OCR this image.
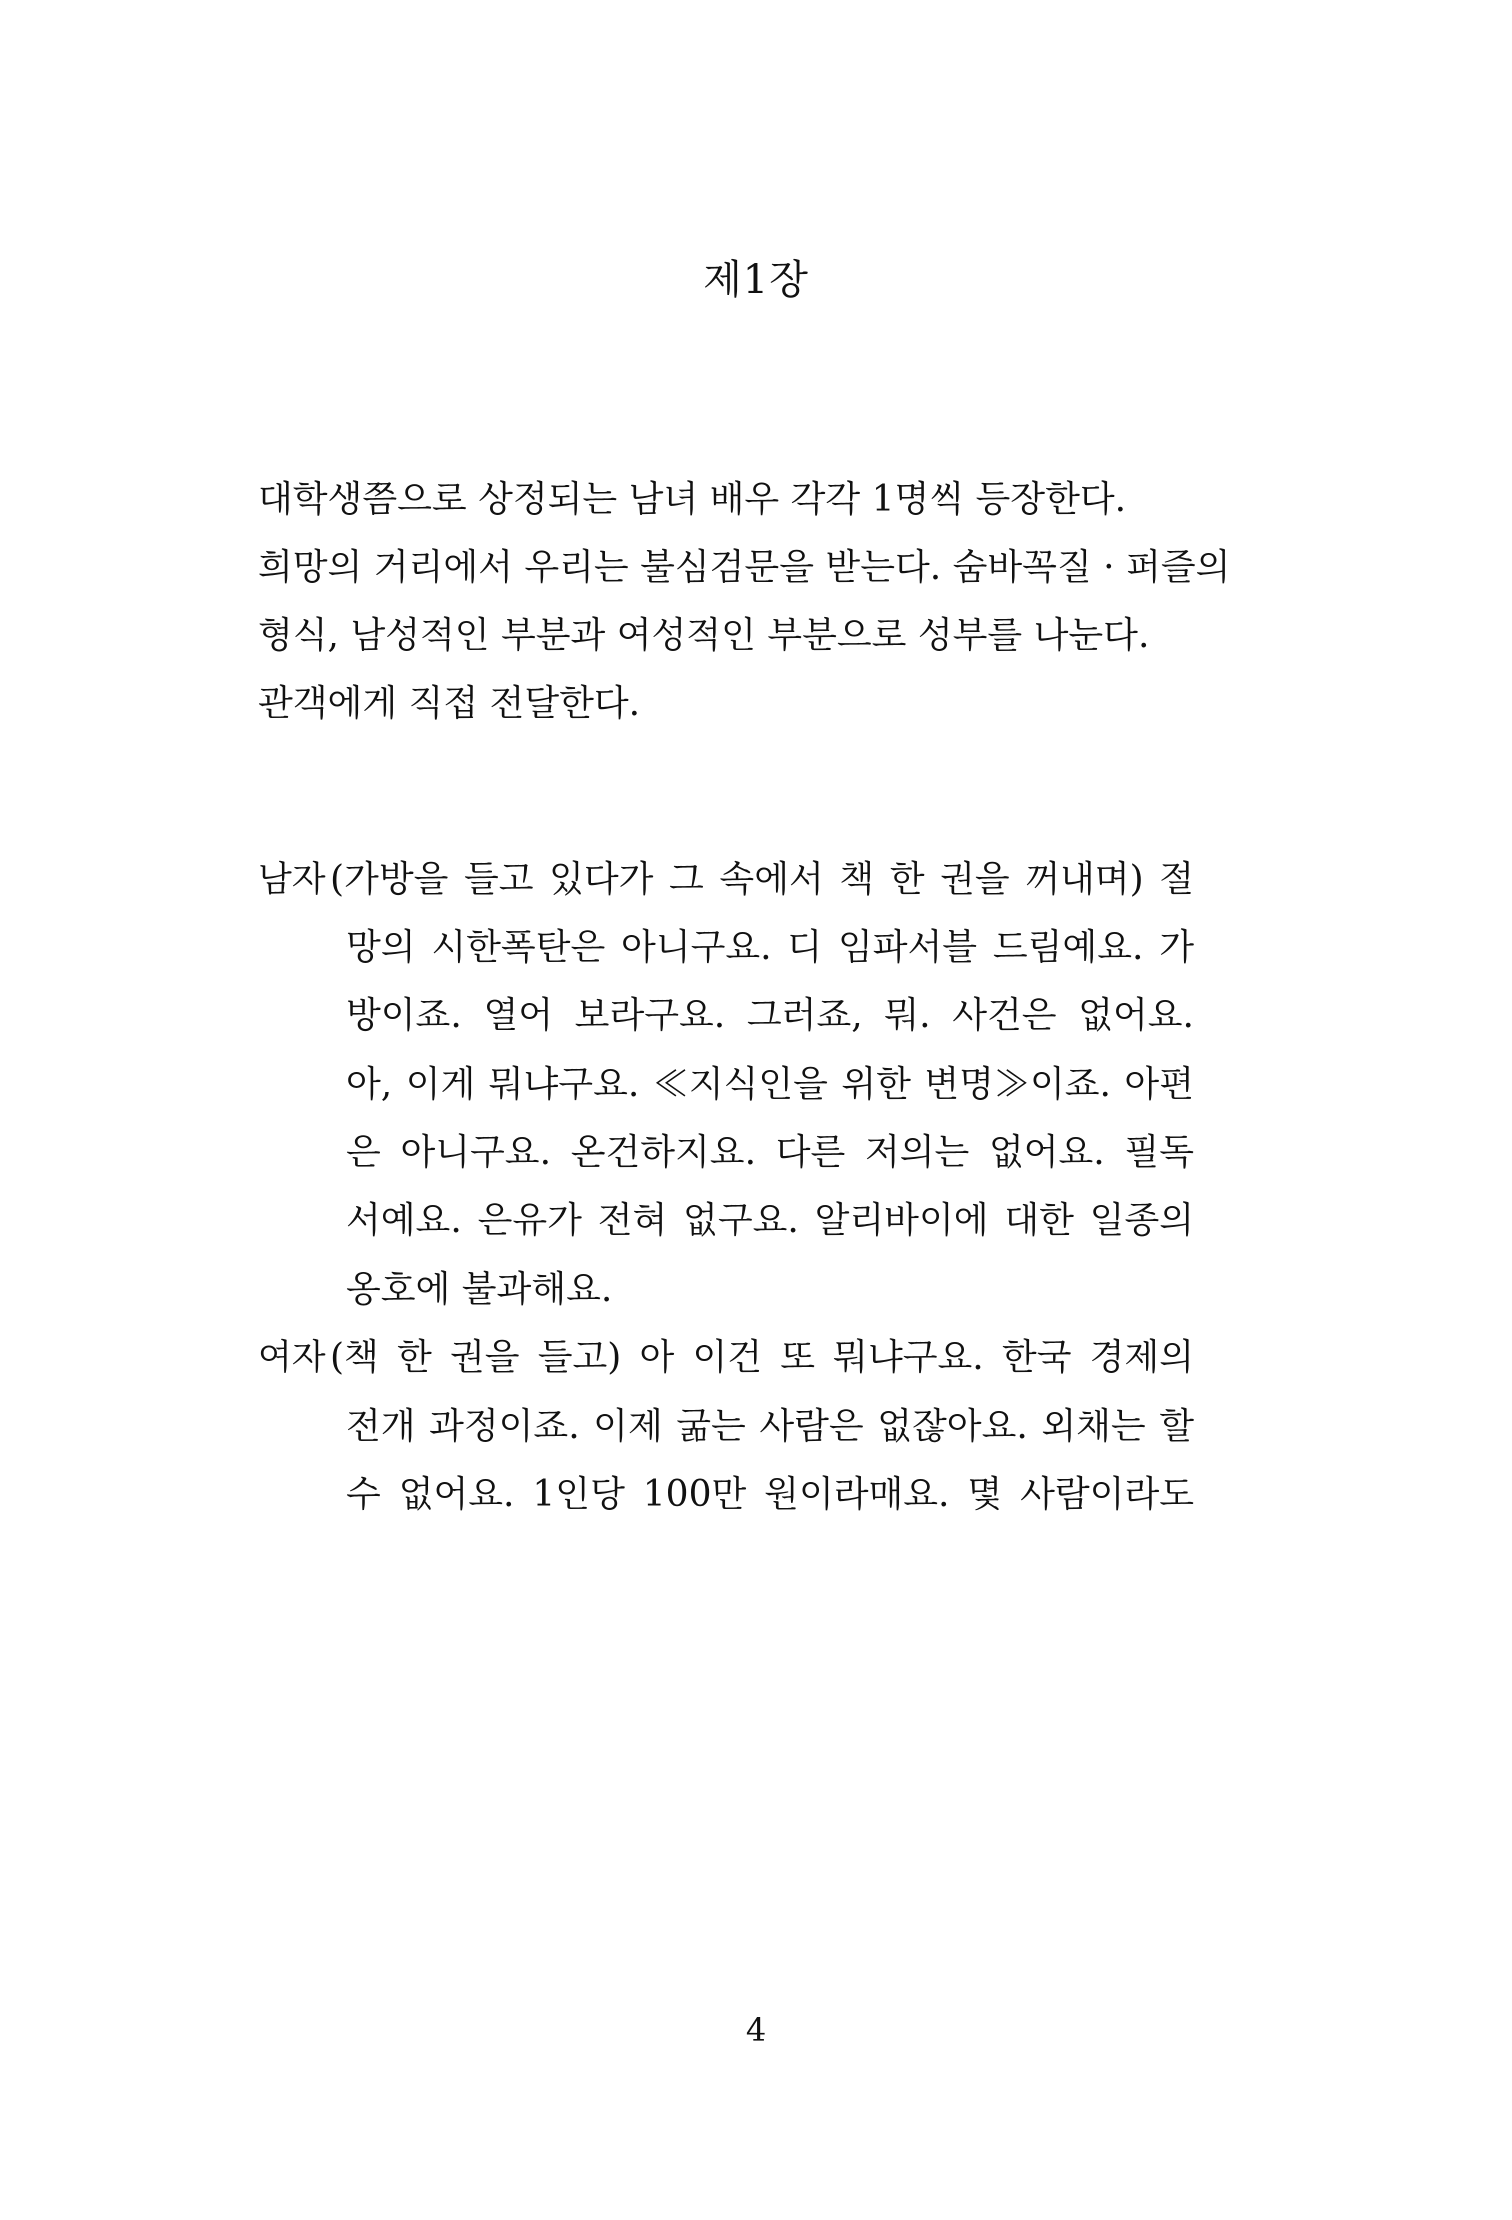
제1장
대학생쯤으로 상정되는 남녀 배우 각각 1명씩 등장한다.
희망의 거리에서 우리는 불심검문을 받는다. 숨바꼭질 · 퍼즐의
형식, 남성적인 부분과 여성적인 부분으로 성부를 나눈다.
관객에게 직접 전달한다.
남자 (가방을 들고 있다가 그 속에서 책 한 권을 꺼내며) 절
망의 시한폭탄은 아니구요. 디 임파서블 드림예요. 가
방이죠. 열어 보라구요. 그러죠, 뭐. 사건은 없어요.
아, 이게 뭐냐구요. ≪지식인을 위한 변명≫이죠. 아편
은 아니구요. 온건하지요. 다른 저의는 없어요. 필독
서예요. 은유가 전혀 없구요. 알리바이에 대한 일종의
옹호에 불과해요.
여자 (책 한 권을 들고) 아 이건 또 뭐냐구요. 한국 경제의
전개 과정이죠. 이제 굶는 사람은 없잖아요. 외채는 할
수 없어요. 1인당 100만 원이라매요. 몇 사람이라도
4
